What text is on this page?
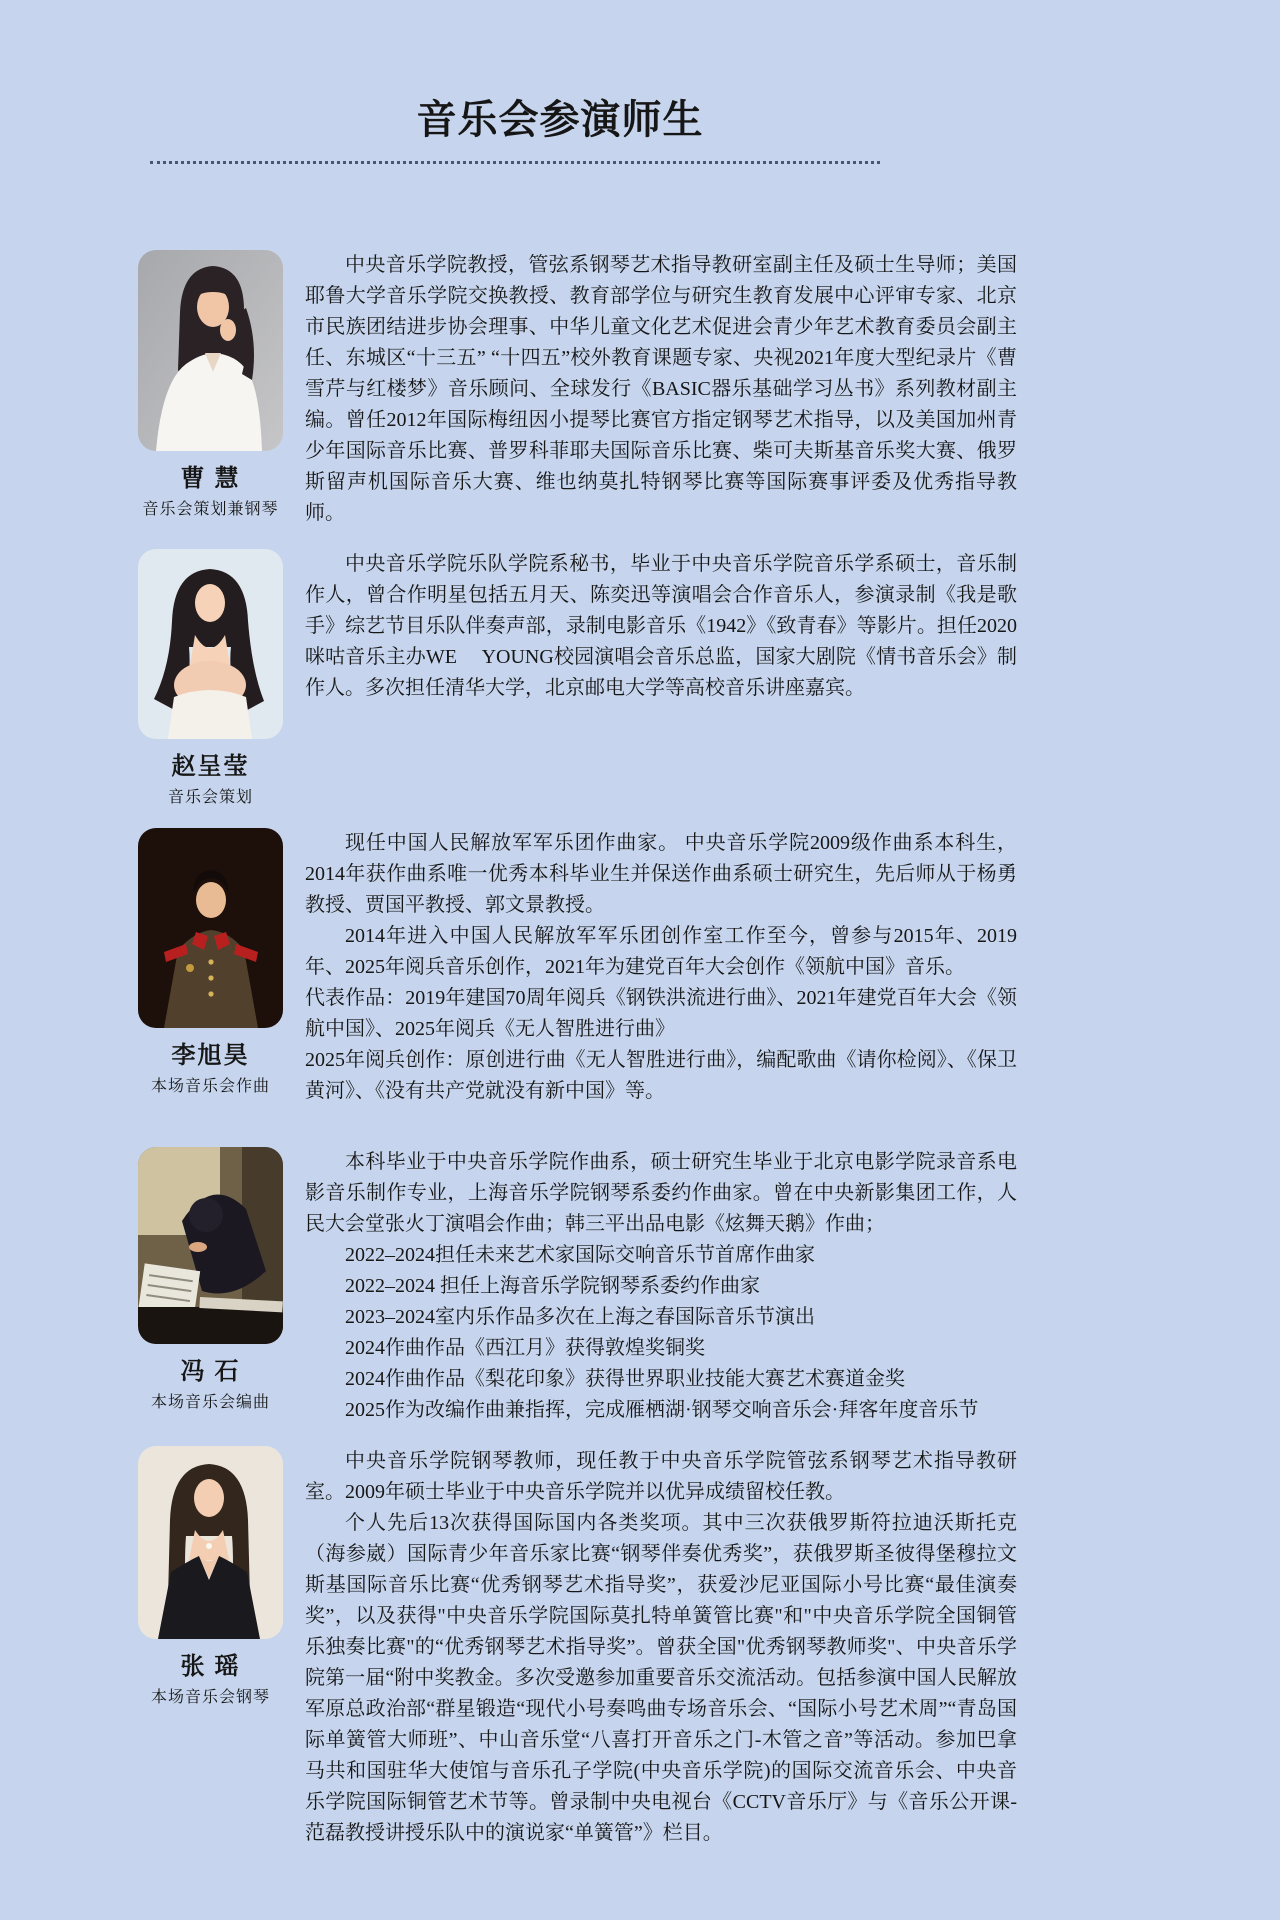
音乐会参演师生
曹 慧
音乐会策划兼钢琴

中央音乐学院教授，管弦系钢琴艺术指导教研室副主任及硕士生导师；美国耶鲁大学音乐学院交换教授、教育部学位与研究生教育发展中心评审专家、北京市民族团结进步协会理事、中华儿童文化艺术促进会青少年艺术教育委员会副主任、东城区“十三五” “十四五”校外教育课题专家、央视2021年度大型纪录片《曹雪芹与红楼梦》音乐顾问、全球发行《BASIC器乐基础学习丛书》系列教材副主编。曾任2012年国际梅纽因小提琴比赛官方指定钢琴艺术指导，以及美国加州青少年国际音乐比赛、普罗科菲耶夫国际音乐比赛、柴可夫斯基音乐奖大赛、俄罗斯留声机国际音乐大赛、维也纳莫扎特钢琴比赛等国际赛事评委及优秀指导教师。

赵呈莹
音乐会策划

中央音乐学院乐队学院系秘书，毕业于中央音乐学院音乐学系硕士，音乐制作人，曾合作明星包括五月天、陈奕迅等演唱会合作音乐人，参演录制《我是歌手》综艺节目乐队伴奏声部，录制电影音乐《1942》《致青春》等影片。担任2020咪咕音乐主办WE　 YOUNG校园演唱会音乐总监，国家大剧院《情书音乐会》制作人。多次担任清华大学，北京邮电大学等高校音乐讲座嘉宾。

李旭昊
本场音乐会作曲

现任中国人民解放军军乐团作曲家。 中央音乐学院2009级作曲系本科生，2014年获作曲系唯一优秀本科毕业生并保送作曲系硕士研究生，先后师从于杨勇教授、贾国平教授、郭文景教授。

2014年进入中国人民解放军军乐团创作室工作至今，曾参与2015年、2019年、2025年阅兵音乐创作，2021年为建党百年大会创作《领航中国》音乐。

代表作品：2019年建国70周年阅兵《钢铁洪流进行曲》、2021年建党百年大会《领航中国》、2025年阅兵《无人智胜进行曲》

2025年阅兵创作：原创进行曲《无人智胜进行曲》，编配歌曲《请你检阅》、《保卫黄河》、《没有共产党就没有新中国》等。

冯 石
本场音乐会编曲

本科毕业于中央音乐学院作曲系，硕士研究生毕业于北京电影学院录音系电影音乐制作专业，上海音乐学院钢琴系委约作曲家。曾在中央新影集团工作，人民大会堂张火丁演唱会作曲；韩三平出品电影《炫舞天鹅》作曲；

2022–2024担任未来艺术家国际交响音乐节首席作曲家

2022–2024 担任上海音乐学院钢琴系委约作曲家

2023–2024室内乐作品多次在上海之春国际音乐节演出

2024作曲作品《西江月》获得敦煌奖铜奖

2024作曲作品《梨花印象》获得世界职业技能大赛艺术赛道金奖

2025作为改编作曲兼指挥，完成雁栖湖·钢琴交响音乐会·拜客年度音乐节

张 瑶
本场音乐会钢琴

中央音乐学院钢琴教师，现任教于中央音乐学院管弦系钢琴艺术指导教研室。2009年硕士毕业于中央音乐学院并以优异成绩留校任教。

个人先后13次获得国际国内各类奖项。其中三次获俄罗斯符拉迪沃斯托克（海参崴）国际青少年音乐家比赛“钢琴伴奏优秀奖”，获俄罗斯圣彼得堡穆拉文斯基国际音乐比赛“优秀钢琴艺术指导奖”，获爱沙尼亚国际小号比赛“最佳演奏奖”，以及获得"中央音乐学院国际莫扎特单簧管比赛"和"中央音乐学院全国铜管乐独奏比赛"的“优秀钢琴艺术指导奖”。曾获全国"优秀钢琴教师奖"、中央音乐学院第一届“附中奖教金。多次受邀参加重要音乐交流活动。包括参演中国人民解放军原总政治部“群星锻造“现代小号奏鸣曲专场音乐会、“国际小号艺术周”“青岛国际单簧管大师班”、中山音乐堂“八喜打开音乐之门-木管之音”等活动。参加巴拿马共和国驻华大使馆与音乐孔子学院(中央音乐学院)的国际交流音乐会、中央音乐学院国际铜管艺术节等。曾录制中央电视台《CCTV音乐厅》与《音乐公开课-范磊教授讲授乐队中的演说家“单簧管”》栏目。
